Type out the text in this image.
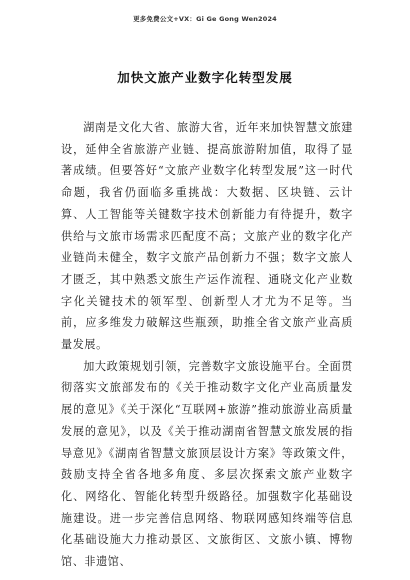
更多免费公文+VX：Gi Ge Gong Wen2024
加快文旅产业数字化转型发展

湖南是文化大省、旅游大省，近年来加快智慧文旅建设，延伸全省旅游产业链、提高旅游附加值，取得了显著成绩。但要答好“文旅产业数字化转型发展”这一时代命题，我省仍面临多重挑战：大数据、区块链、云计算、人工智能等关键数字技术创新能力有待提升，数字供给与文旅市场需求匹配度不高；文旅产业的数字化产业链尚未健全，数字文旅产品创新力不强；数字文旅人才匮乏，其中熟悉文旅生产运作流程、通晓文化产业数字化关键技术的领军型、创新型人才尤为不足等。当前，应多维发力破解这些瓶颈，助推全省文旅产业高质量发展。

加大政策规划引领，完善数字文旅设施平台。全面贯彻落实文旅部发布的《关于推动数字文化产业高质量发展的意见》《关于深化“互联网+旅游”推动旅游业高质量发展的意见》，以及《关于推动湖南省智慧文旅发展的指导意见》《湖南省智慧文旅顶层设计方案》等政策文件，鼓励支持全省各地多角度、多层次探索文旅产业数字化、网络化、智能化转型升级路径。加强数字化基础设施建设。进一步完善信息网络、物联网感知终端等信息化基础设施大力推动景区、文旅街区、文旅小镇、博物馆、非遗馆、
